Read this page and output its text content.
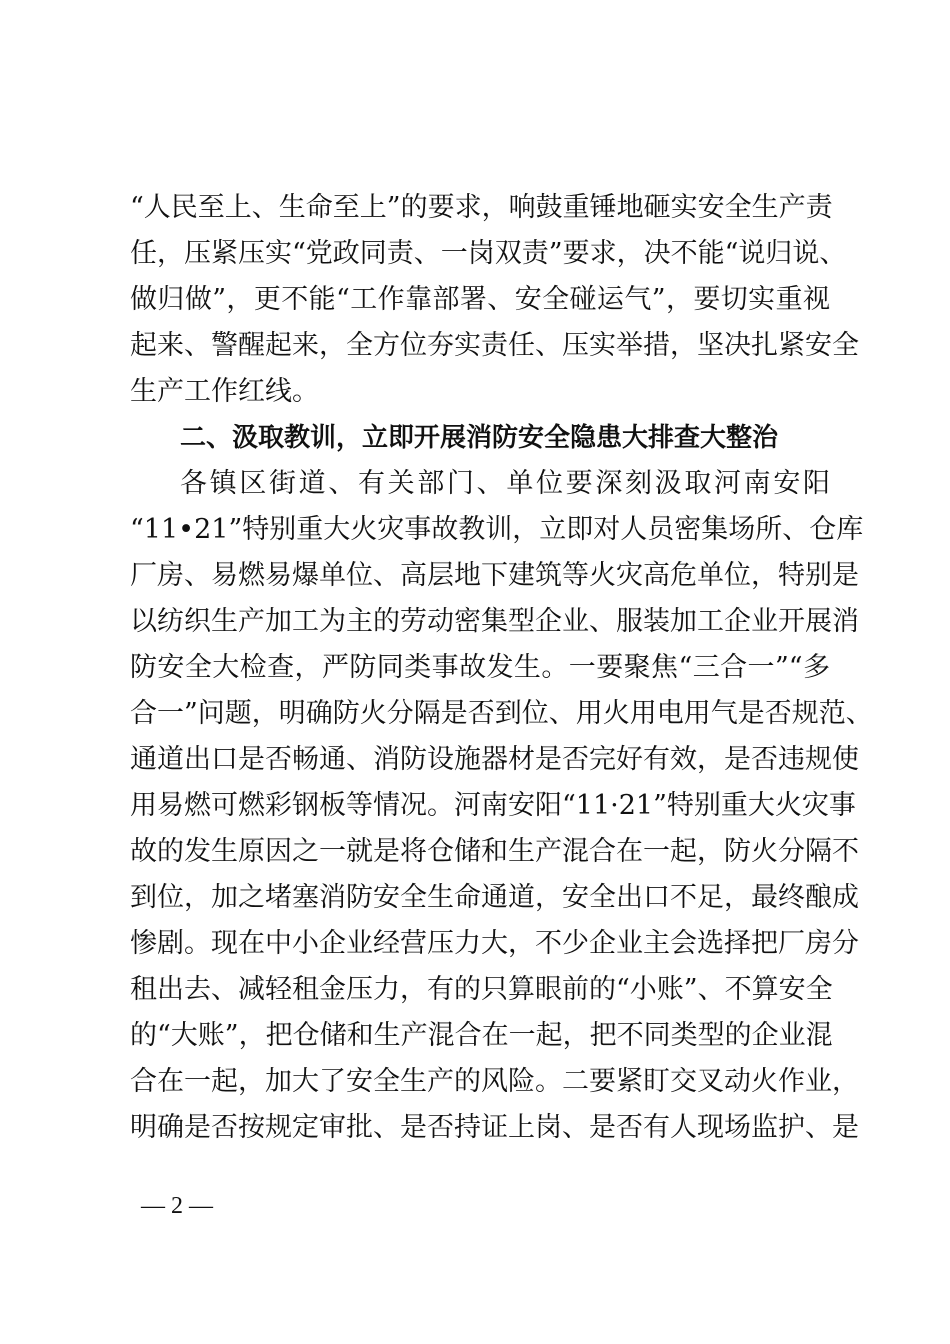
“人民至上、生命至上”的要求，响鼓重锤地砸实安全生产责
任，压紧压实“党政同责、一岗双责”要求，决不能“说归说、
做归做”，更不能“工作靠部署、安全碰运气”，要切实重视
起来、警醒起来，全方位夯实责任、压实举措，坚决扎紧安全
生产工作红线。
二、汲取教训，立即开展消防安全隐患大排查大整治
各镇区街道、有关部门、单位要深刻汲取河南安阳
“11•21”特别重大火灾事故教训，立即对人员密集场所、仓库
厂房、易燃易爆单位、高层地下建筑等火灾高危单位，特别是
以纺织生产加工为主的劳动密集型企业、服装加工企业开展消
防安全大检查，严防同类事故发生。一要聚焦“三合一”“多
合一”问题，明确防火分隔是否到位、用火用电用气是否规范、
通道出口是否畅通、消防设施器材是否完好有效，是否违规使
用易燃可燃彩钢板等情况。河南安阳“11·21”特别重大火灾事
故的发生原因之一就是将仓储和生产混合在一起，防火分隔不
到位，加之堵塞消防安全生命通道，安全出口不足，最终酿成
惨剧。现在中小企业经营压力大，不少企业主会选择把厂房分
租出去、减轻租金压力，有的只算眼前的“小账”、不算安全
的“大账”，把仓储和生产混合在一起，把不同类型的企业混
合在一起，加大了安全生产的风险。二要紧盯交叉动火作业，
明确是否按规定审批、是否持证上岗、是否有人现场监护、是
— 2 —
